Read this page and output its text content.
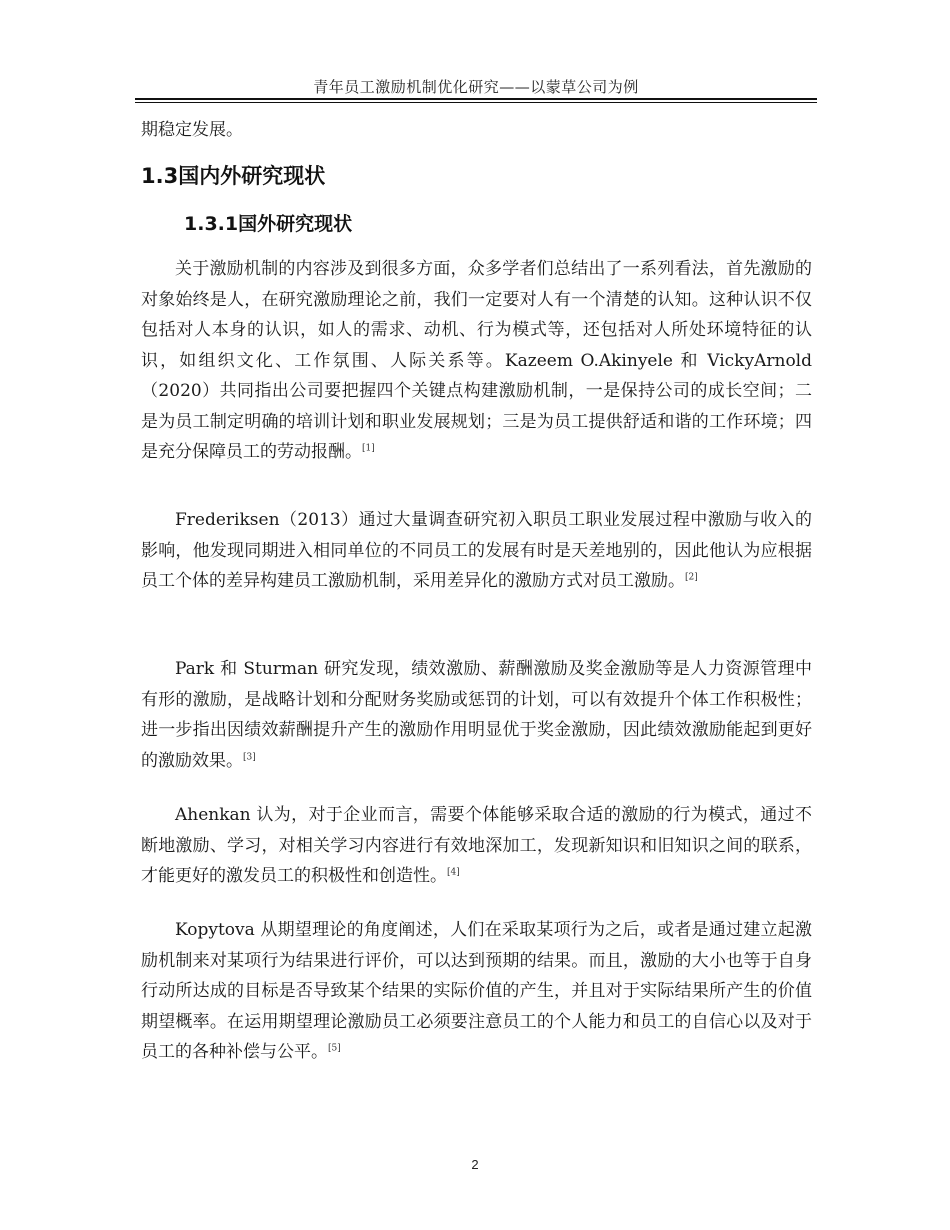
青年员工激励机制优化研究——以蒙草公司为例
期稳定发展。
1.3国内外研究现状
1.3.1国外研究现状

关于激励机制的内容涉及到很多方面，众多学者们总结出了一系列看法，首先激励的对象始终是人，在研究激励理论之前，我们一定要对人有一个清楚的认知。这种认识不仅包括对人本身的认识，如人的需求、动机、行为模式等，还包括对人所处环境特征的认识，如组织文化、工作氛围、人际关系等。Kazeem O.Akinyele 和 VickyArnold（2020）共同指出公司要把握四个关键点构建激励机制，一是保持公司的成长空间；二是为员工制定明确的培训计划和职业发展规划；三是为员工提供舒适和谐的工作环境；四是充分保障员工的劳动报酬。[1]

Frederiksen（2013）通过大量调查研究初入职员工职业发展过程中激励与收入的影响，他发现同期进入相同单位的不同员工的发展有时是天差地别的，因此他认为应根据员工个体的差异构建员工激励机制，采用差异化的激励方式对员工激励。[2]

Park 和 Sturman 研究发现，绩效激励、薪酬激励及奖金激励等是人力资源管理中有形的激励，是战略计划和分配财务奖励或惩罚的计划，可以有效提升个体工作积极性；进一步指出因绩效薪酬提升产生的激励作用明显优于奖金激励，因此绩效激励能起到更好的激励效果。[3]

Ahenkan 认为，对于企业而言，需要个体能够采取合适的激励的行为模式，通过不断地激励、学习，对相关学习内容进行有效地深加工，发现新知识和旧知识之间的联系，才能更好的激发员工的积极性和创造性。[4]

Kopytova 从期望理论的角度阐述，人们在采取某项行为之后，或者是通过建立起激励机制来对某项行为结果进行评价，可以达到预期的结果。而且，激励的大小也等于自身行动所达成的目标是否导致某个结果的实际价值的产生，并且对于实际结果所产生的价值期望概率。在运用期望理论激励员工必须要注意员工的个人能力和员工的自信心以及对于员工的各种补偿与公平。[5]

2
